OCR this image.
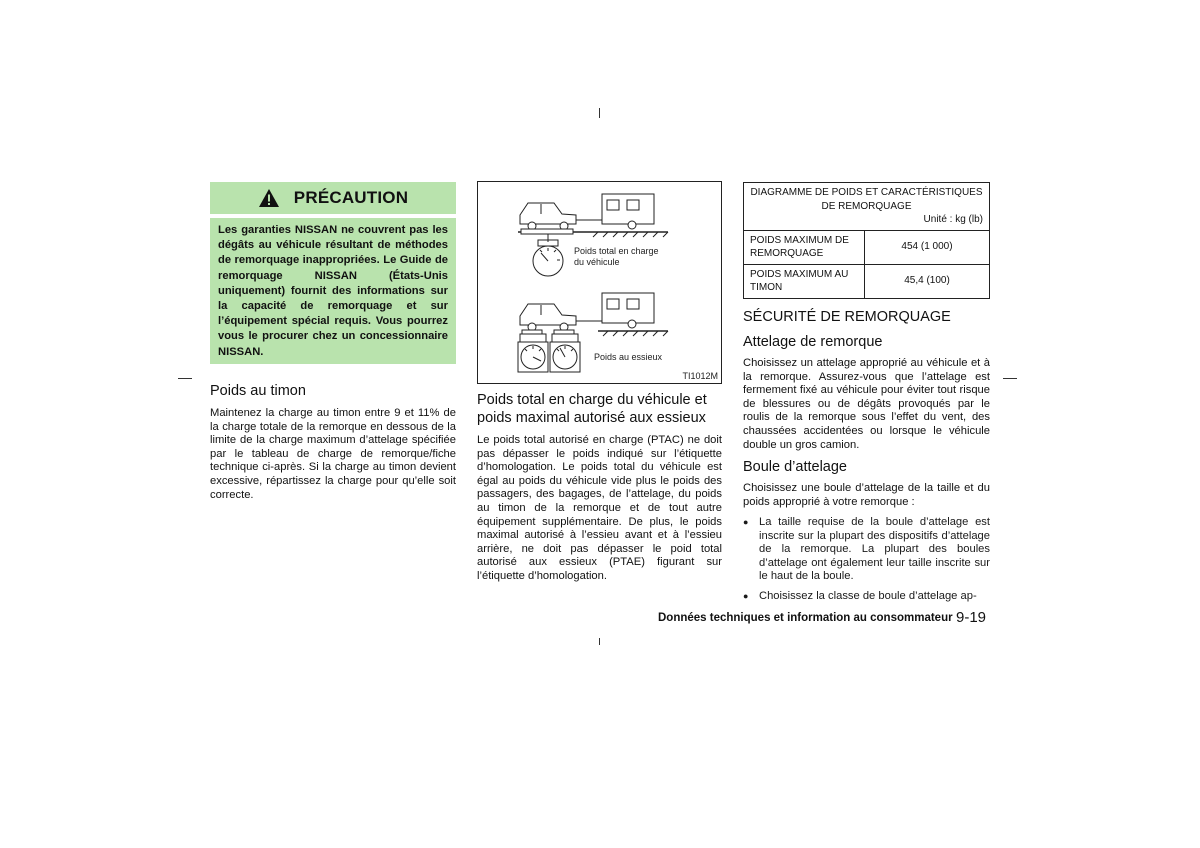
PRÉCAUTION
Les garanties NISSAN ne couvrent pas les dégâts au véhicule résultant de méthodes de remorquage inappropriées. Le Guide de remorquage NISSAN (États-Unis uniquement) fournit des informations sur la capacité de remorquage et sur l’équipement spécial requis. Vous pourrez vous le procurer chez un concessionnaire NISSAN.
Poids au timon

Maintenez la charge au timon entre 9 et 11% de la charge totale de la remorque en dessous de la limite de la charge maximum d’attelage spécifiée par le tableau de charge de remorque/fiche technique ci-après. Si la charge au timon devient excessive, répartissez la charge pour qu’elle soit correcte.

Poids total en charge du véhicule
Poids au essieux
TI1012M
Poids total en charge du véhicule et poids maximal autorisé aux essieux

Le poids total autorisé en charge (PTAC) ne doit pas dépasser le poids indiqué sur l’étiquette d’homologation. Le poids total du véhicule est égal au poids du véhicule vide plus le poids des passagers, des bagages, de l’attelage, du poids au timon de la remorque et de tout autre équipement supplémentaire. De plus, le poids maximal autorisé à l’essieu avant et à l’essieu arrière, ne doit pas dépasser le poid total autorisé aux essieux (PTAE) figurant sur l’étiquette d’homologation.

DIAGRAMME DE POIDS ET CARACTÉRISTIQUES DE REMORQUAGE
Unité : kg (lb)	

POIDS MAXIMUM DE REMORQUAGE	454 (1 000)
POIDS MAXIMUM AU TIMON	45,4 (100)
SÉCURITÉ DE REMORQUAGE
Attelage de remorque

Choisissez un attelage approprié au véhicule et à la remorque. Assurez-vous que l’attelage est fermement fixé au véhicule pour éviter tout risque de blessures ou de dégâts provoqués par le roulis de la remorque sous l’effet du vent, des chaussées accidentées ou lorsque le véhicule double un gros camion.

Boule d’attelage

Choisissez une boule d’attelage de la taille et du poids approprié à votre remorque :

● La taille requise de la boule d’attelage est inscrite sur la plupart des dispositifs d’attelage de la remorque. La plupart des boules d’attelage ont également leur taille inscrite sur le haut de la boule.
● Choisissez la classe de boule d’attelage ap-
Données techniques et information au consommateur 9-19
